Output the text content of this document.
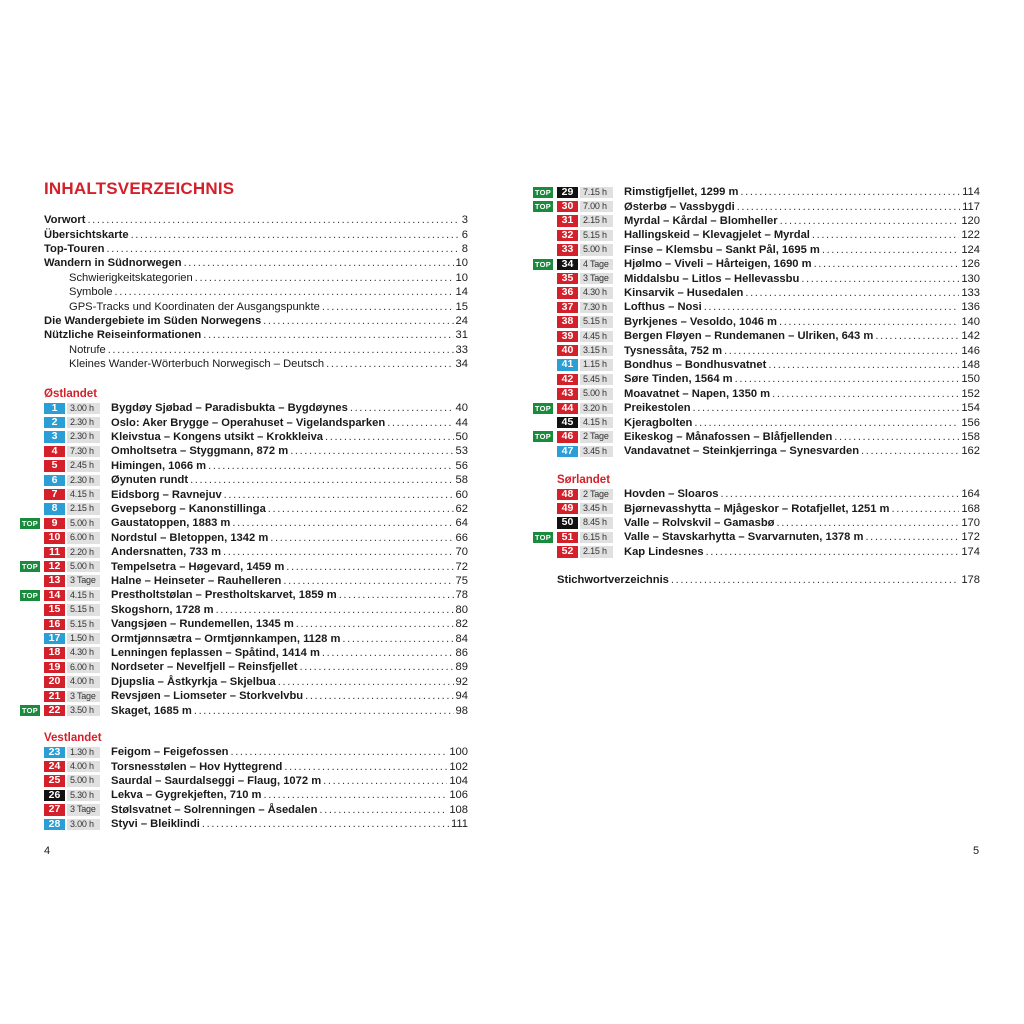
INHALTSVERZEICHNIS
Vorwort .....	3
Übersichtskarte .....	6
Top-Touren .....	8
Wandern in Südnorwegen .....	10
Schwierigkeitskategorien .....	10
Symbole .....	14
GPS-Tracks und Koordinaten der Ausgangspunkte .....	15
Die Wandergebiete im Süden Norwegens .....	24
Nützliche Reiseinformationen .....	31
Notrufe .....	33
Kleines Wander-Wörterbuch Norwegisch – Deutsch .....	34
Østlandet
1	3.00 h	Bygdøy Sjøbad – Paradisbukta – Bygdøynes .....	40
2	2.30 h	Oslo: Aker Brygge – Operahuset – Vigelandsparken .....	44
3	2.30 h	Kleivstua – Kongens utsikt – Krokkleiva .....	50
4	7.30 h	Omholtsetra – Styggmann, 872 m .....	53
5	2.45 h	Himingen, 1066 m .....	56
6	2.30 h	Øynuten rundt .....	58
7	4.15 h	Eidsborg – Ravnejuv .....	60
8	2.15 h	Gvepseborg – Kanonstillinga .....	62
TOP	9	5.00 h	Gaustatoppen, 1883 m .....	64
10	6.00 h	Nordstul – Bletoppen, 1342 m .....	66
11	2.20 h	Andersnatten, 733 m .....	70
TOP	12	5.00 h	Tempelsetra – Høgevard, 1459 m .....	72
13	3 Tage	Halne – Heinseter – Rauhelleren .....	75
TOP	14	4.15 h	Prestholtstølan – Prestholtskarvet, 1859 m .....	78
15	5.15 h	Skogshorn, 1728 m .....	80
16	5.15 h	Vangsjøen – Rundemellen, 1345 m .....	82
17	1.50 h	Ormtjønnsætra – Ormtjønnkampen, 1128 m .....	84
18	4.30 h	Lenningen feplassen – Spåtind, 1414 m .....	86
19	6.00 h	Nordseter – Nevelfjell – Reinsfjellet .....	89
20	4.00 h	Djupslia – Åstkyrkja – Skjelbua .....	92
21	3 Tage	Revsjøen – Liomseter – Storkvelvbu .....	94
TOP	22	3.50 h	Skaget, 1685 m .....	98
Vestlandet
23	1.30 h	Feigom – Feigefossen .....	100
24	4.00 h	Torsnesstølen – Hov Hyttegrend .....	102
25	5.00 h	Saurdal – Saurdalseggi – Flaug, 1072 m .....	104
26	5.30 h	Lekva – Gygrekjeften, 710 m .....	106
27	3 Tage	Stølsvatnet – Solrenningen – Åsedalen .....	108
28	3.00 h	Styvi – Bleiklindi .....	111
4
TOP	29	7.15 h	Rimstigfjellet, 1299 m .....	114
TOP	30	7.00 h	Østerbø – Vassbygdi .....	117
31	2.15 h	Myrdal – Kårdal – Blomheller .....	120
32	5.15 h	Hallingskeid – Klevagjelet – Myrdal .....	122
33	5.00 h	Finse – Klemsbu – Sankt Pål, 1695 m .....	124
TOP	34	4 Tage	Hjølmo – Viveli – Hårteigen, 1690 m .....	126
35	3 Tage	Middalsbu – Litlos – Hellevassbu .....	130
36	4.30 h	Kinsarvik – Husedalen .....	133
37	7.30 h	Lofthus – Nosi .....	136
38	5.15 h	Byrkjenes – Vesoldo, 1046 m .....	140
39	4.45 h	Bergen Fløyen – Rundemanen – Ulriken, 643 m .....	142
40	3.15 h	Tysnessåta, 752 m .....	146
41	1.15 h	Bondhus – Bondhusvatnet .....	148
42	5.45 h	Søre Tinden, 1564 m .....	150
43	5.00 h	Moavatnet – Napen, 1350 m .....	152
TOP	44	3.20 h	Preikestolen .....	154
45	4.15 h	Kjeragbolten .....	156
TOP	46	2 Tage	Eikeskog – Månafossen – Blåfjellenden .....	158
47	3.45 h	Vandavatnet – Steinkjerringa – Synesvarden .....	162
Sørlandet
48	2 Tage	Hovden – Sloaros .....	164
49	3.45 h	Bjørnevasshytta – Mjågeskor – Rotafjellet, 1251 m .....	168
50	8.45 h	Valle – Rolvskvil – Gamasbø .....	170
TOP	51	6.15 h	Valle – Stavskarhytta – Svarvarnuten, 1378 m .....	172
52	2.15 h	Kap Lindesnes .....	174
Stichwortverzeichnis .....	178
5
